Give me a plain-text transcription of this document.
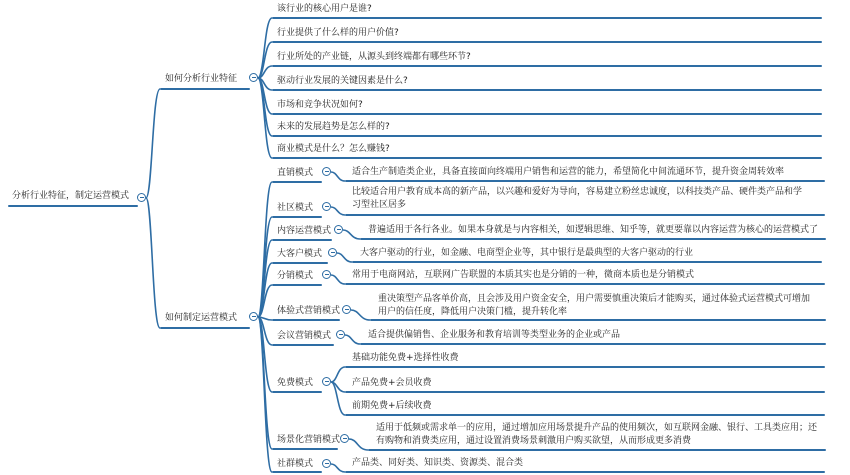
分析行业特征，制定运营模式
如何分析行业特征
该行业的核心用户是谁?
行业提供了什么样的用户价值?
行业所处的产业链，从源头到终端都有哪些环节?
驱动行业发展的关键因素是什么?
市场和竞争状况如何?
未来的发展趋势是怎么样的?
商业模式是什么？怎么赚钱?
如何制定运营模式
直销模式	适合生产制造类企业，具备直接面向终端用户销售和运营的能力，希望简化中间流通环节，提升资金周转效率
社区模式
比较适合用户教育成本高的新产品，以兴趣和爱好为导向，容易建立粉丝忠诚度，以科技类产品、硬件类产品和学习型社区居多
内容运营模式	普遍适用于各行各业。如果本身就是与内容相关，如逻辑思维、知乎等，就更要靠以内容运营为核心的运营模式了
大客户模式	大客户驱动的行业，如金融、电商型企业等，其中银行是最典型的大客户驱动的行业
分销模式	常用于电商网站，互联网广告联盟的本质其实也是分销的一种，微商本质也是分销模式
体验式营销模式
重决策型产品客单价高，且会涉及用户资金安全，用户需要慎重决策后才能购买，通过体验式运营模式可增加用户的信任度，降低用户决策门槛，提升转化率
会议营销模式	适合提供偏销售、企业服务和教育培训等类型业务的企业或产品
免费模式
基础功能免费+选择性收费
产品免费+会员收费
前期免费+后续收费
场景化营销模式
适用于低频或需求单一的应用，通过增加应用场景提升产品的使用频次，如互联网金融、银行、工具类应用；还有购物和消费类应用，通过设置消费场景刺激用户购买欲望，从而形成更多消费
社群模式	产品类、同好类、知识类、资源类、混合类
